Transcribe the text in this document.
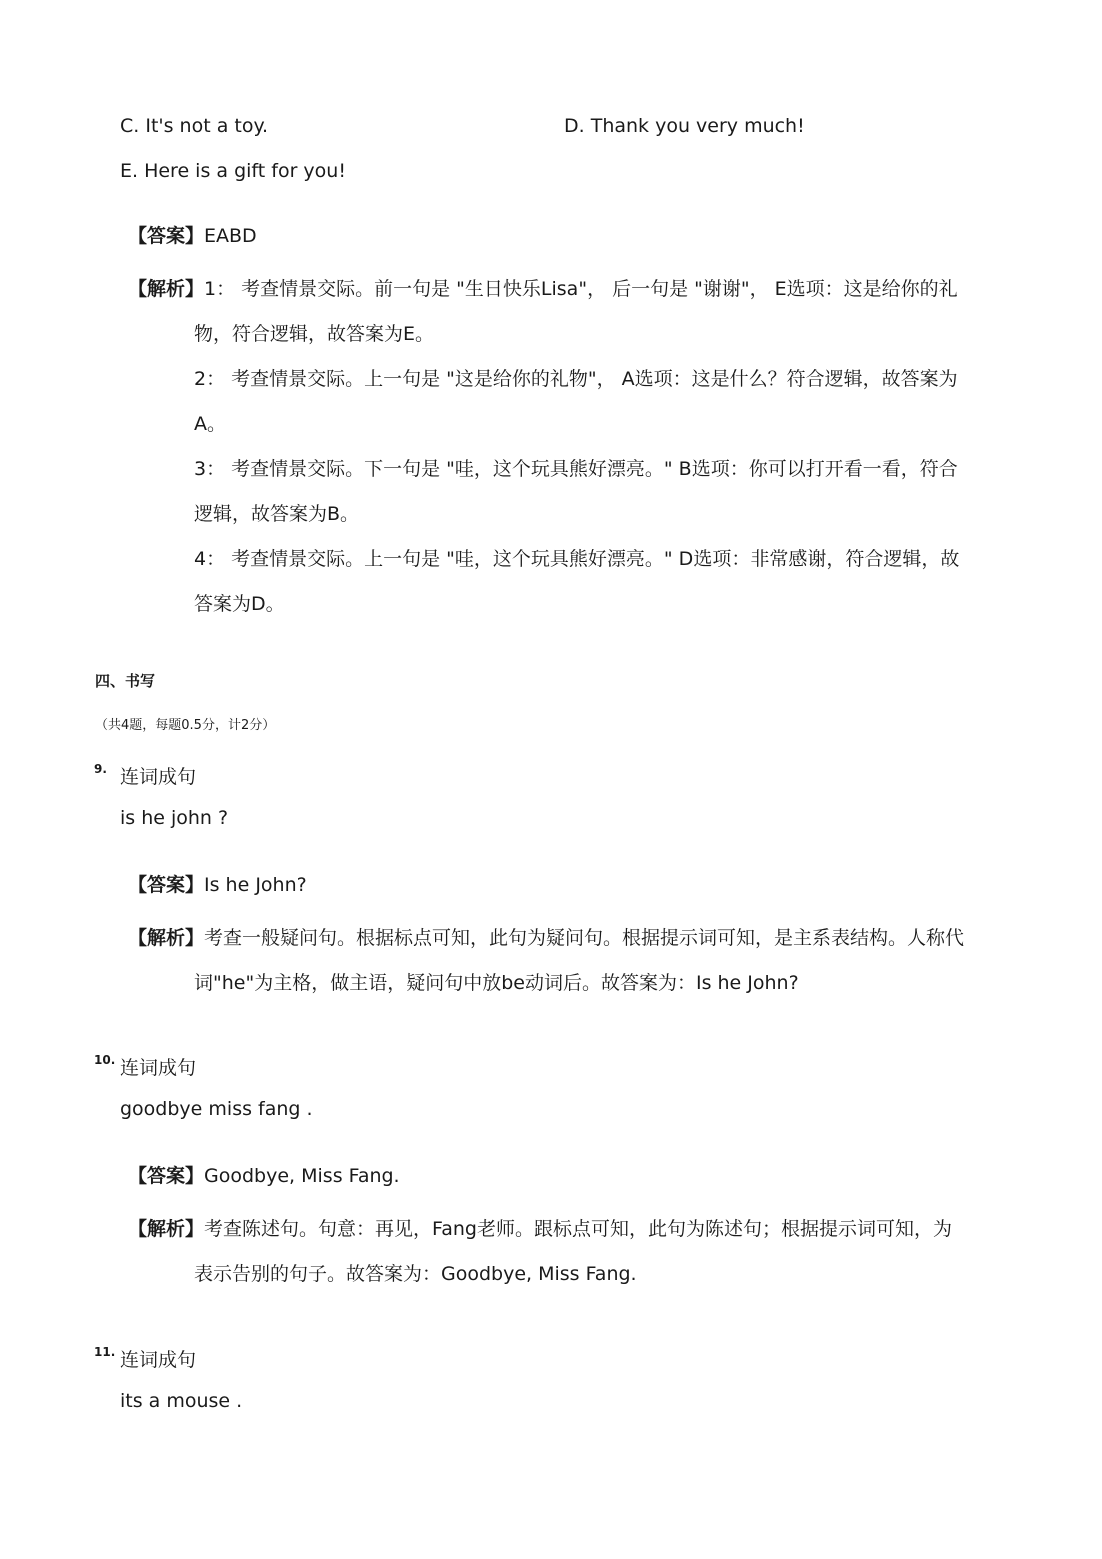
C. It's not a toy.	D. Thank you very much!
E. Here is a gift for you!
【答案】EABD
【解析】1： 考查情景交际。前一句是 "生日快乐Lisa"， 后一句是 "谢谢"， E选项：这是给你的礼
物，符合逻辑，故答案为E。
2： 考查情景交际。上一句是 "这是给你的礼物"， A选项：这是什么？符合逻辑，故答案为
A。
3： 考查情景交际。下一句是 "哇，这个玩具熊好漂亮。" B选项：你可以打开看一看，符合
逻辑，故答案为B。
4： 考查情景交际。上一句是 "哇，这个玩具熊好漂亮。" D选项：非常感谢，符合逻辑，故
答案为D。
四、书写
（共4题，每题0.5分，计2分）
9. 连词成句
is he john ?
【答案】Is he John?
【解析】考查一般疑问句。根据标点可知，此句为疑问句。根据提示词可知，是主系表结构。人称代
词"he"为主格，做主语，疑问句中放be动词后。故答案为：Is he John?
10. 连词成句
goodbye miss fang .
【答案】Goodbye, Miss Fang.
【解析】考查陈述句。句意：再见，Fang老师。跟标点可知，此句为陈述句；根据提示词可知，为
表示告别的句子。故答案为：Goodbye, Miss Fang.
11. 连词成句
its a mouse .
